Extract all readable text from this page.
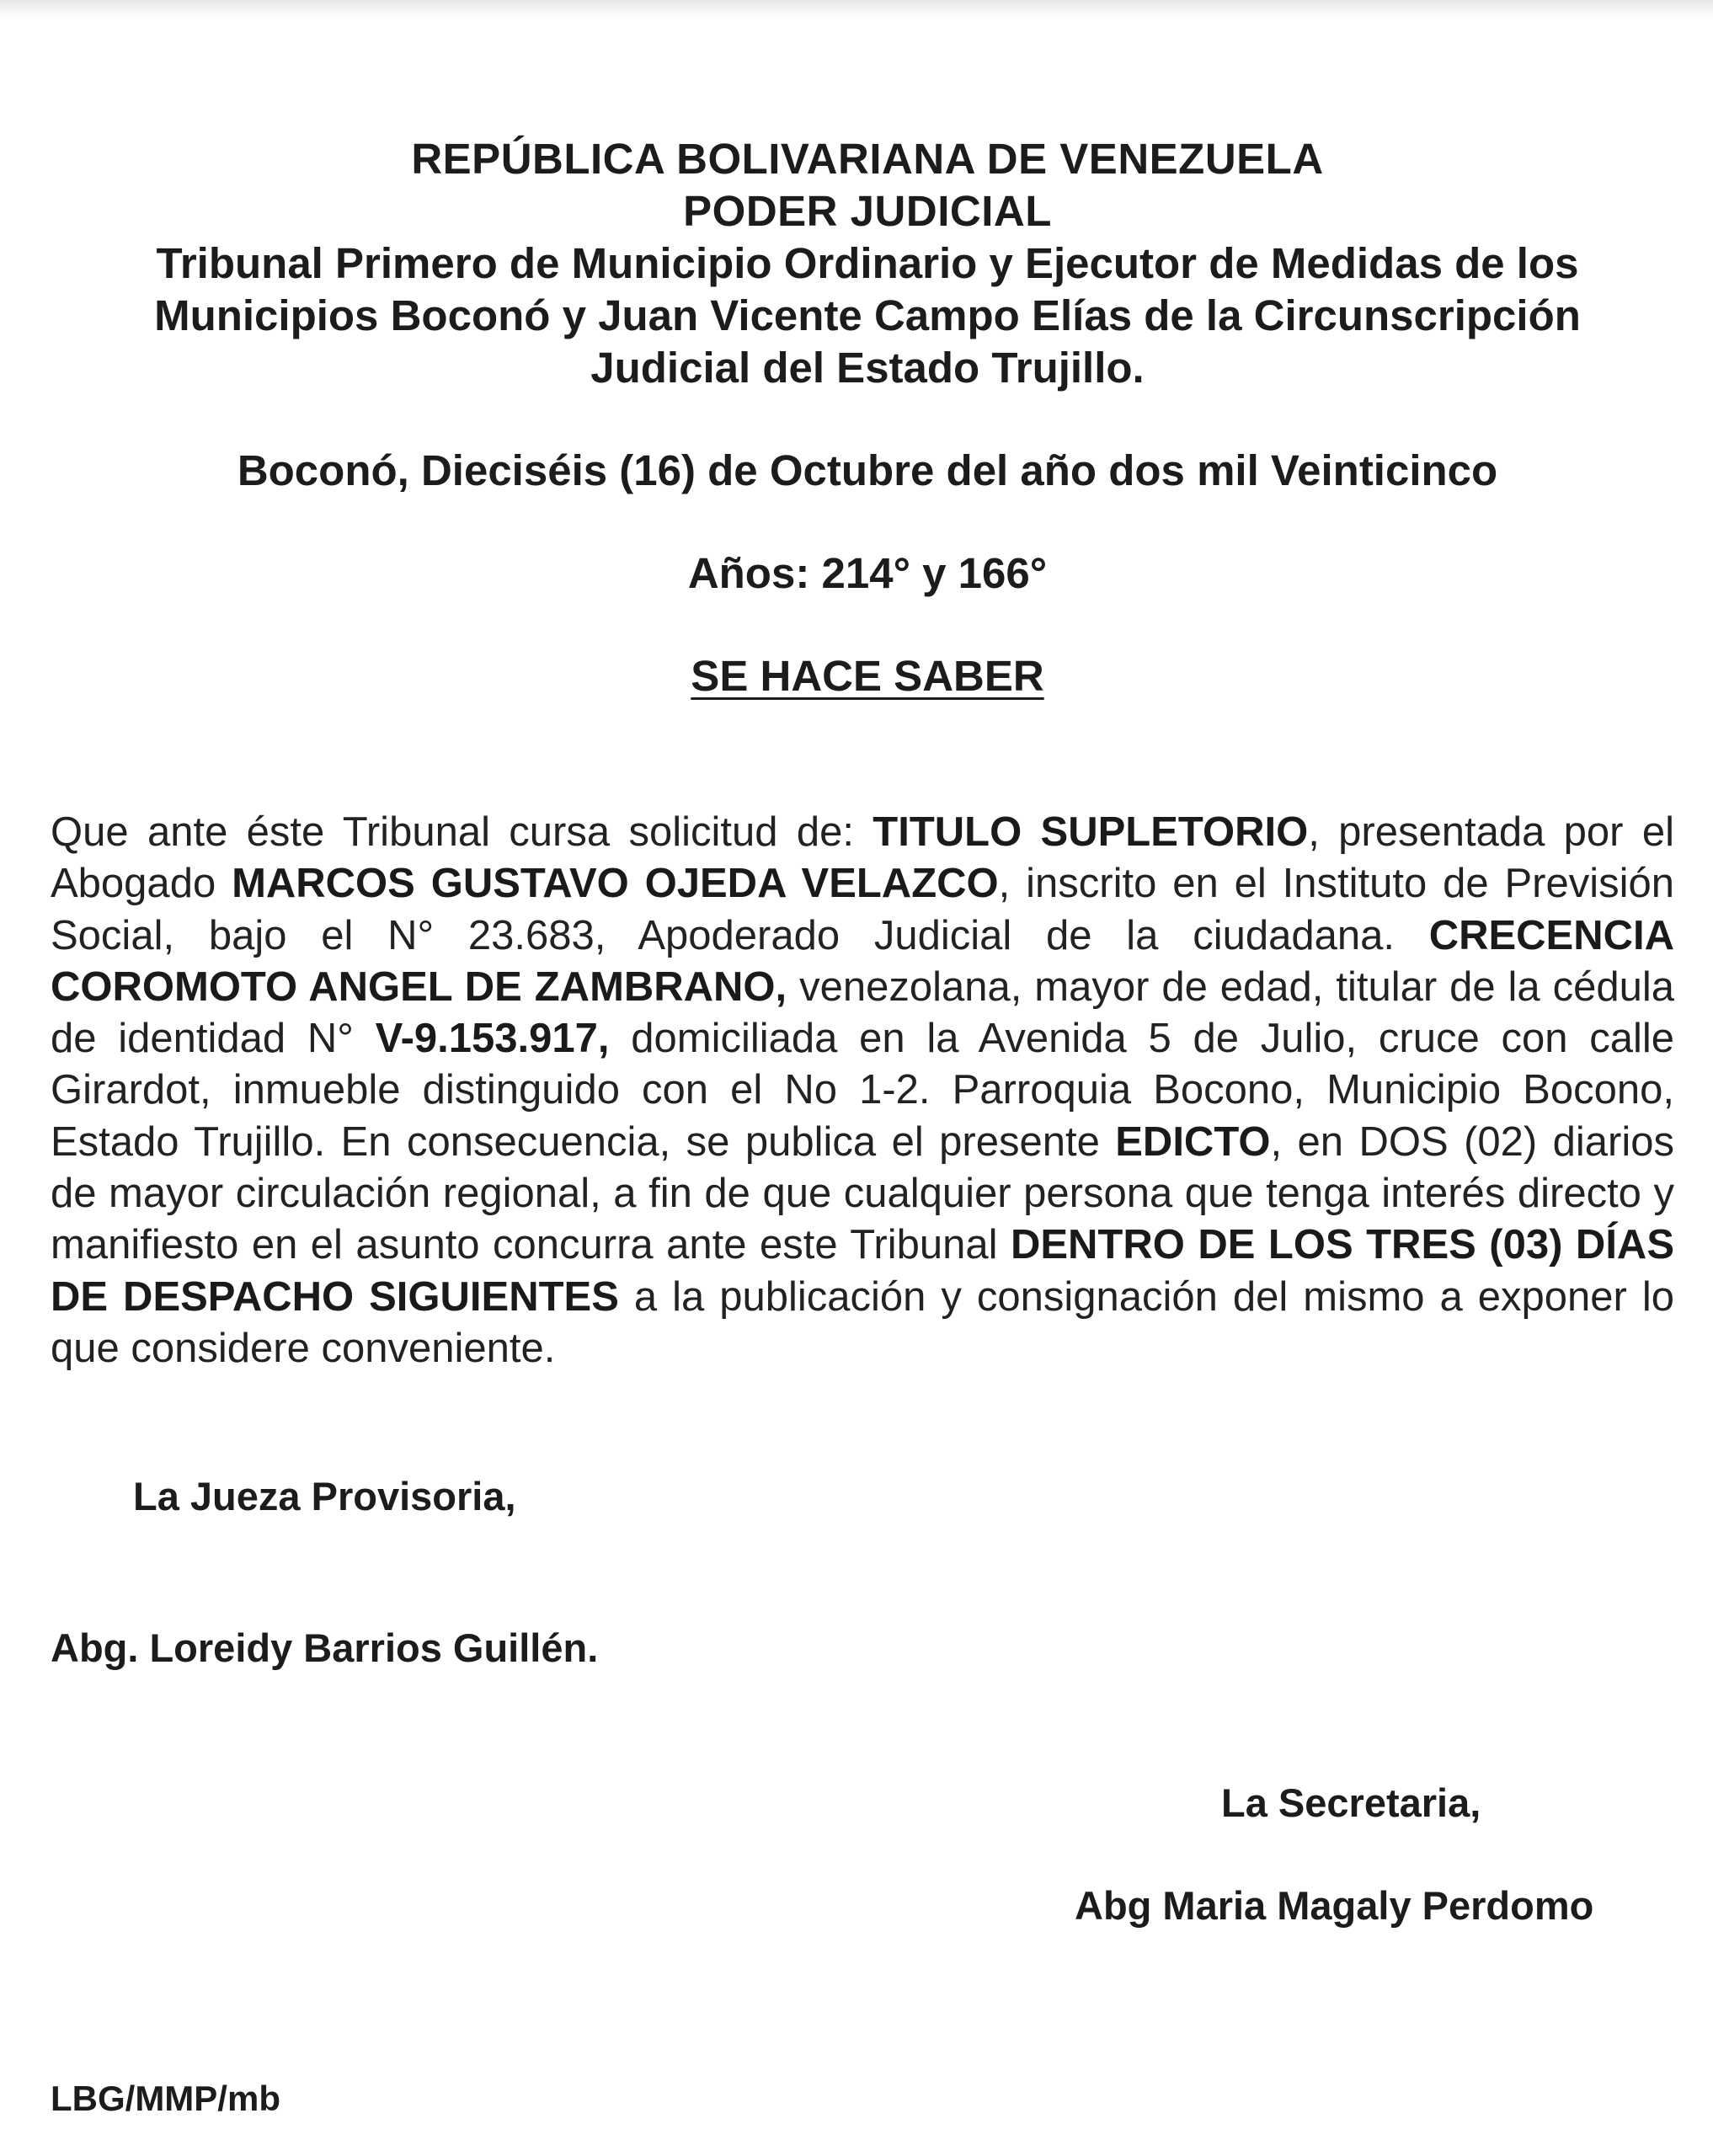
REPÚBLICA BOLIVARIANA DE VENEZUELA
PODER JUDICIAL
Tribunal Primero de Municipio Ordinario y Ejecutor de Medidas de los
Municipios Boconó y Juan Vicente Campo Elías de la Circunscripción
Judicial del Estado Trujillo.
Boconó, Dieciséis (16) de Octubre del año dos mil Veinticinco
Años: 214° y 166°
SE HACE SABER
Que ante éste Tribunal cursa solicitud de: TITULO SUPLETORIO, presentada por el Abogado MARCOS GUSTAVO OJEDA VELAZCO, inscrito en el Instituto de Previsión Social, bajo el N° 23.683, Apoderado Judicial de la ciudadana. CRECENCIA COROMOTO ANGEL DE ZAMBRANO, venezolana, mayor de edad, titular de la cédula de identidad N° V-9.153.917, domiciliada en la Avenida 5 de Julio, cruce con calle Girardot, inmueble distinguido con el No 1-2. Parroquia Bocono, Municipio Bocono, Estado Trujillo. En consecuencia, se publica el presente EDICTO, en DOS (02) diarios de mayor circulación regional, a fin de que cualquier persona que tenga interés directo y manifiesto en el asunto concurra ante este Tribunal DENTRO DE LOS TRES (03) DÍAS DE DESPACHO SIGUIENTES a la publicación y consignación del mismo a exponer lo que considere conveniente.
La Jueza Provisoria,
Abg. Loreidy Barrios Guillén.
La Secretaria,
Abg Maria Magaly Perdomo
LBG/MMP/mb
